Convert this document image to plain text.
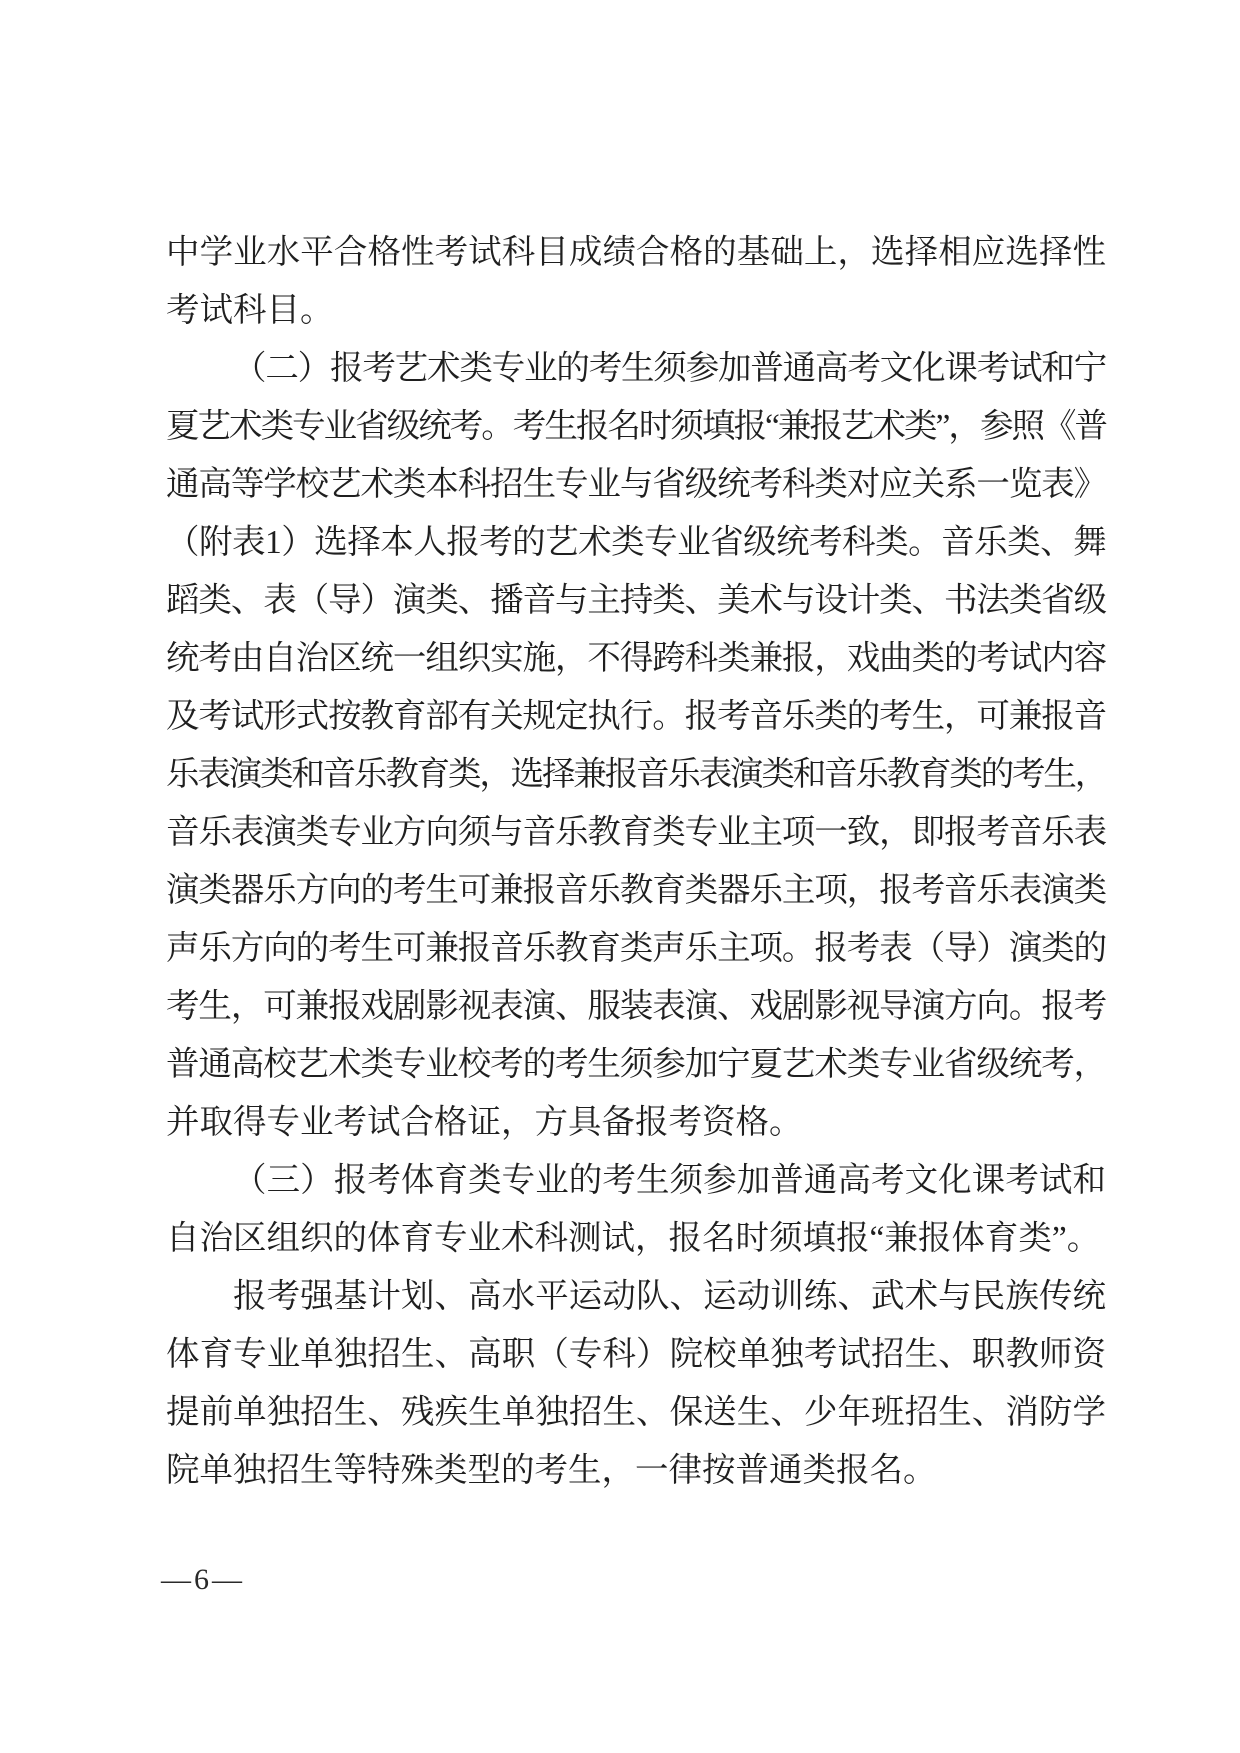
中学业水平合格性考试科目成绩合格的基础上，选择相应选择性
考试科目。
（二）报考艺术类专业的考生须参加普通高考文化课考试和宁
夏艺术类专业省级统考。考生报名时须填报“兼报艺术类”，参照《普
通高等学校艺术类本科招生专业与省级统考科类对应关系一览表》
（附表1）选择本人报考的艺术类专业省级统考科类。音乐类、舞
蹈类、表（导）演类、播音与主持类、美术与设计类、书法类省级
统考由自治区统一组织实施，不得跨科类兼报，戏曲类的考试内容
及考试形式按教育部有关规定执行。报考音乐类的考生，可兼报音
乐表演类和音乐教育类，选择兼报音乐表演类和音乐教育类的考生，
音乐表演类专业方向须与音乐教育类专业主项一致，即报考音乐表
演类器乐方向的考生可兼报音乐教育类器乐主项，报考音乐表演类
声乐方向的考生可兼报音乐教育类声乐主项。报考表（导）演类的
考生，可兼报戏剧影视表演、服装表演、戏剧影视导演方向。报考
普通高校艺术类专业校考的考生须参加宁夏艺术类专业省级统考，
并取得专业考试合格证，方具备报考资格。
（三）报考体育类专业的考生须参加普通高考文化课考试和
自治区组织的体育专业术科测试，报名时须填报“兼报体育类”。
报考强基计划、高水平运动队、运动训练、武术与民族传统
体育专业单独招生、高职（专科）院校单独考试招生、职教师资
提前单独招生、残疾生单独招生、保送生、少年班招生、消防学
院单独招生等特殊类型的考生，一律按普通类报名。
—6—
